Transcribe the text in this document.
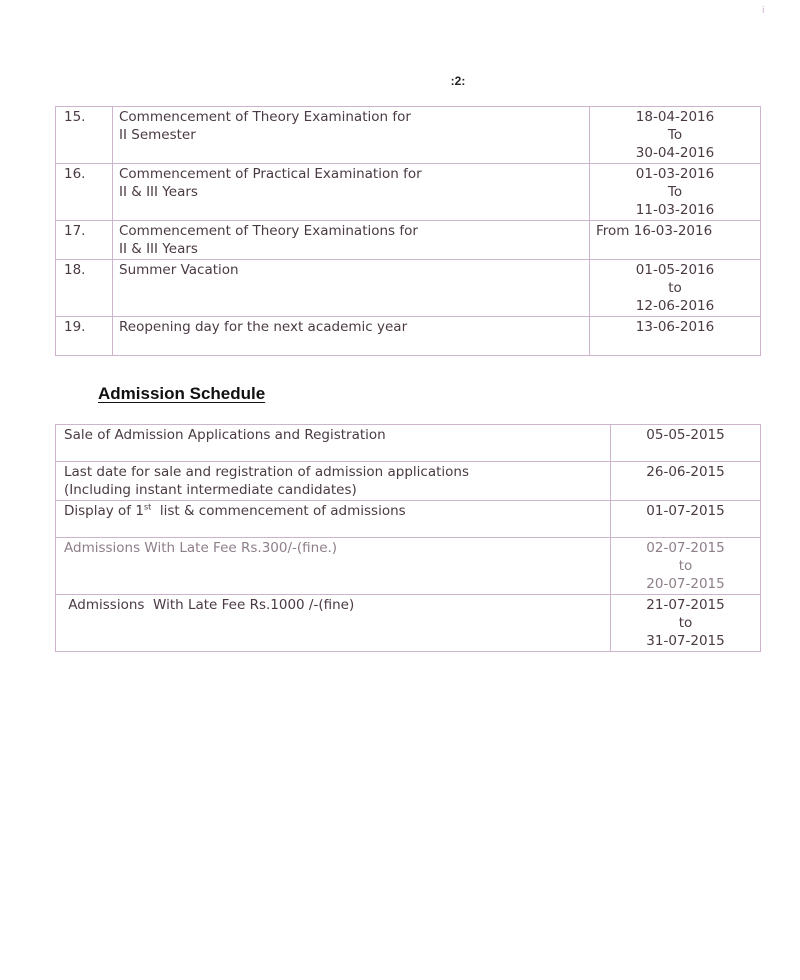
ⅰ
:2:
15.	Commencement of Theory Examination for
II Semester	18-04-2016
To
30-04-2016
16.	Commencement of Practical Examination for
II & III Years	01-03-2016
To
11-03-2016
17.	Commencement of Theory Examinations for
II & III Years	From 16-03-2016
18.	Summer Vacation	01-05-2016
to
12-06-2016
19.	Reopening day for the next academic year	13-06-2016
Admission Schedule
Sale of Admission Applications and Registration	05-05-2015
Last date for sale and registration of admission applications
(Including instant intermediate candidates)	26-06-2015
Display of 1st  list & commencement of admissions	01-07-2015
Admissions With Late Fee Rs.300/-(fine.)	02-07-2015
to
20-07-2015
Admissions  With Late Fee Rs.1000 /-(fine)	21-07-2015
to
31-07-2015
